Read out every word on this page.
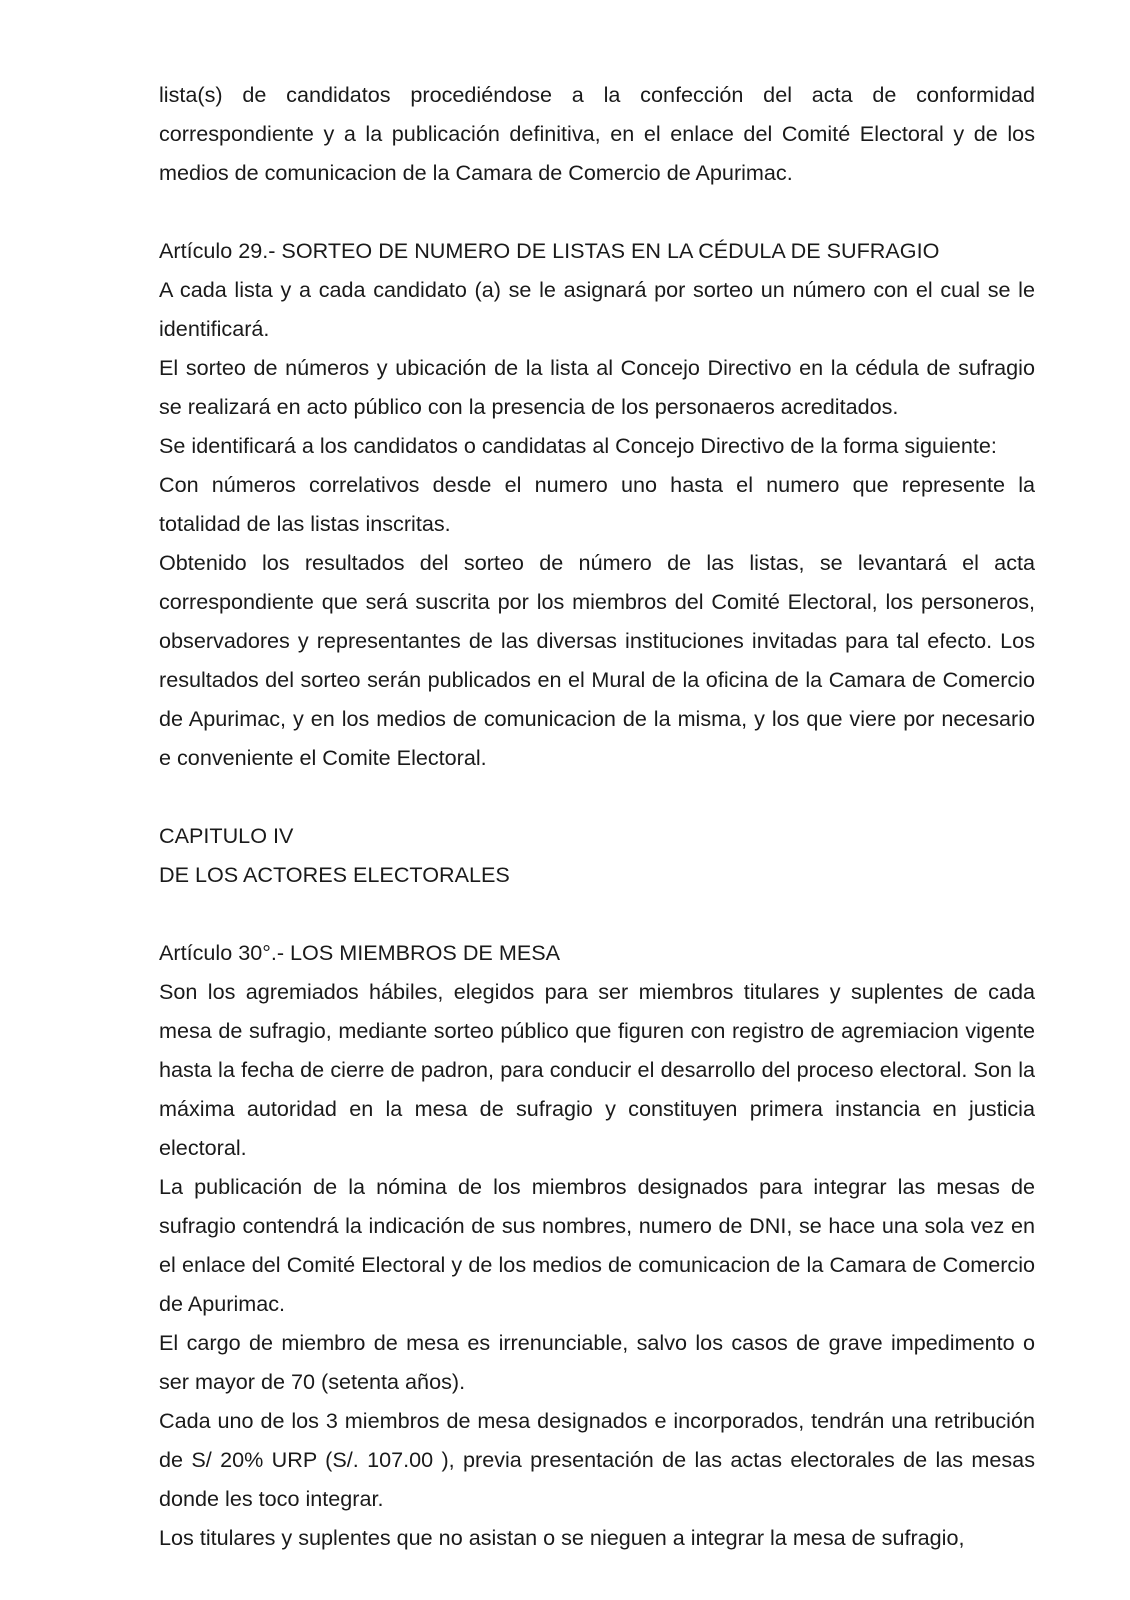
lista(s) de candidatos procediéndose a la confección del acta de conformidad correspondiente y a la publicación definitiva, en el enlace del Comité Electoral y de los medios de comunicacion de la Camara de Comercio de Apurimac.

Artículo 29.- SORTEO DE NUMERO DE LISTAS EN LA CÉDULA DE SUFRAGIO

A cada lista y a cada candidato (a) se le asignará por sorteo un número con el cual se le identificará.

El sorteo de números y ubicación de la lista al Concejo Directivo en la cédula de sufragio se realizará en acto público con la presencia de los personaeros acreditados.

Se identificará a los candidatos o candidatas al Concejo Directivo de la forma siguiente:

Con números correlativos desde el numero uno hasta el numero que represente la totalidad de las listas inscritas.

Obtenido los resultados del sorteo de número de las listas, se levantará el acta correspondiente que será suscrita por los miembros del Comité Electoral, los personeros, observadores y representantes de las diversas instituciones invitadas para tal efecto. Los resultados del sorteo serán publicados en el Mural de la oficina de la Camara de Comercio de Apurimac, y en los medios de comunicacion de la misma, y los que viere por necesario e conveniente el Comite Electoral.

CAPITULO IV

DE LOS ACTORES ELECTORALES

Artículo 30°.- LOS MIEMBROS DE MESA

Son los agremiados hábiles, elegidos para ser miembros titulares y suplentes de cada mesa de sufragio, mediante sorteo público que figuren con registro de agremiacion vigente hasta la fecha de cierre de padron, para conducir el desarrollo del proceso electoral. Son la máxima autoridad en la mesa de sufragio y constituyen primera instancia en justicia electoral.

La publicación de la nómina de los miembros designados para integrar las mesas de sufragio contendrá la indicación de sus nombres, numero de DNI, se hace una sola vez en el enlace del Comité Electoral y de los medios de comunicacion de la Camara de Comercio de Apurimac.

El cargo de miembro de mesa es irrenunciable, salvo los casos de grave impedimento o ser mayor de 70 (setenta años).

Cada uno de los 3 miembros de mesa designados e incorporados, tendrán una retribución de S/ 20% URP (S/. 107.00 ), previa presentación de las actas electorales de las mesas donde les toco integrar.

Los titulares y suplentes que no asistan o se nieguen a integrar la mesa de sufragio,
